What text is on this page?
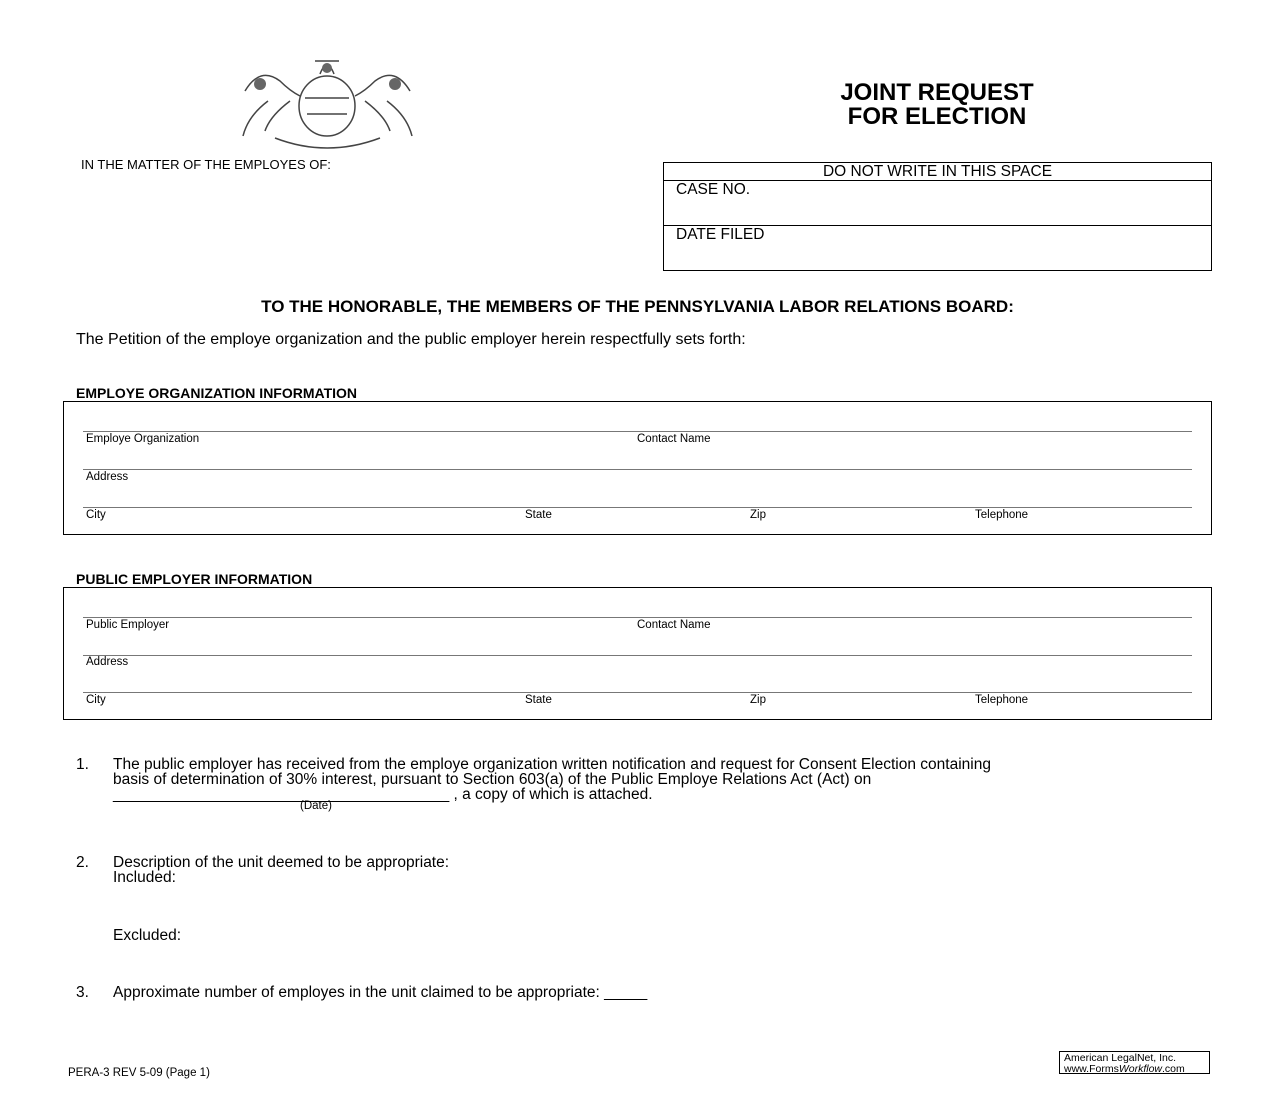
JOINT REQUEST
FOR ELECTION
IN THE MATTER OF THE EMPLOYES OF:	DO NOT WRITE IN THIS SPACE
CASE NO.
DATE FILED
TO THE HONORABLE, THE MEMBERS OF THE PENNSYLVANIA LABOR RELATIONS BOARD:
The Petition of the employe organization and the public employer herein respectfully sets forth:
EMPLOYE ORGANIZATION INFORMATION
Employe Organization	Contact Name
Address
City	State	Zip	Telephone
PUBLIC EMPLOYER INFORMATION
Public Employer	Contact Name
Address
City	State	Zip	Telephone
1. The public employer has received from the employe organization written notification and request for Consent Election containing
basis of determination of 30% interest, pursuant to Section 603(a) of the Public Employe Relations Act (Act) on
_______________________________________ , a copy of which is attached.
(Date)
2. Description of the unit deemed to be appropriate:
Included:
Excluded:
3. Approximate number of employes in the unit claimed to be appropriate: _____
PERA-3 REV 5-09 (Page 1)
American LegalNet, Inc.
www.FormsWorkflow.com
